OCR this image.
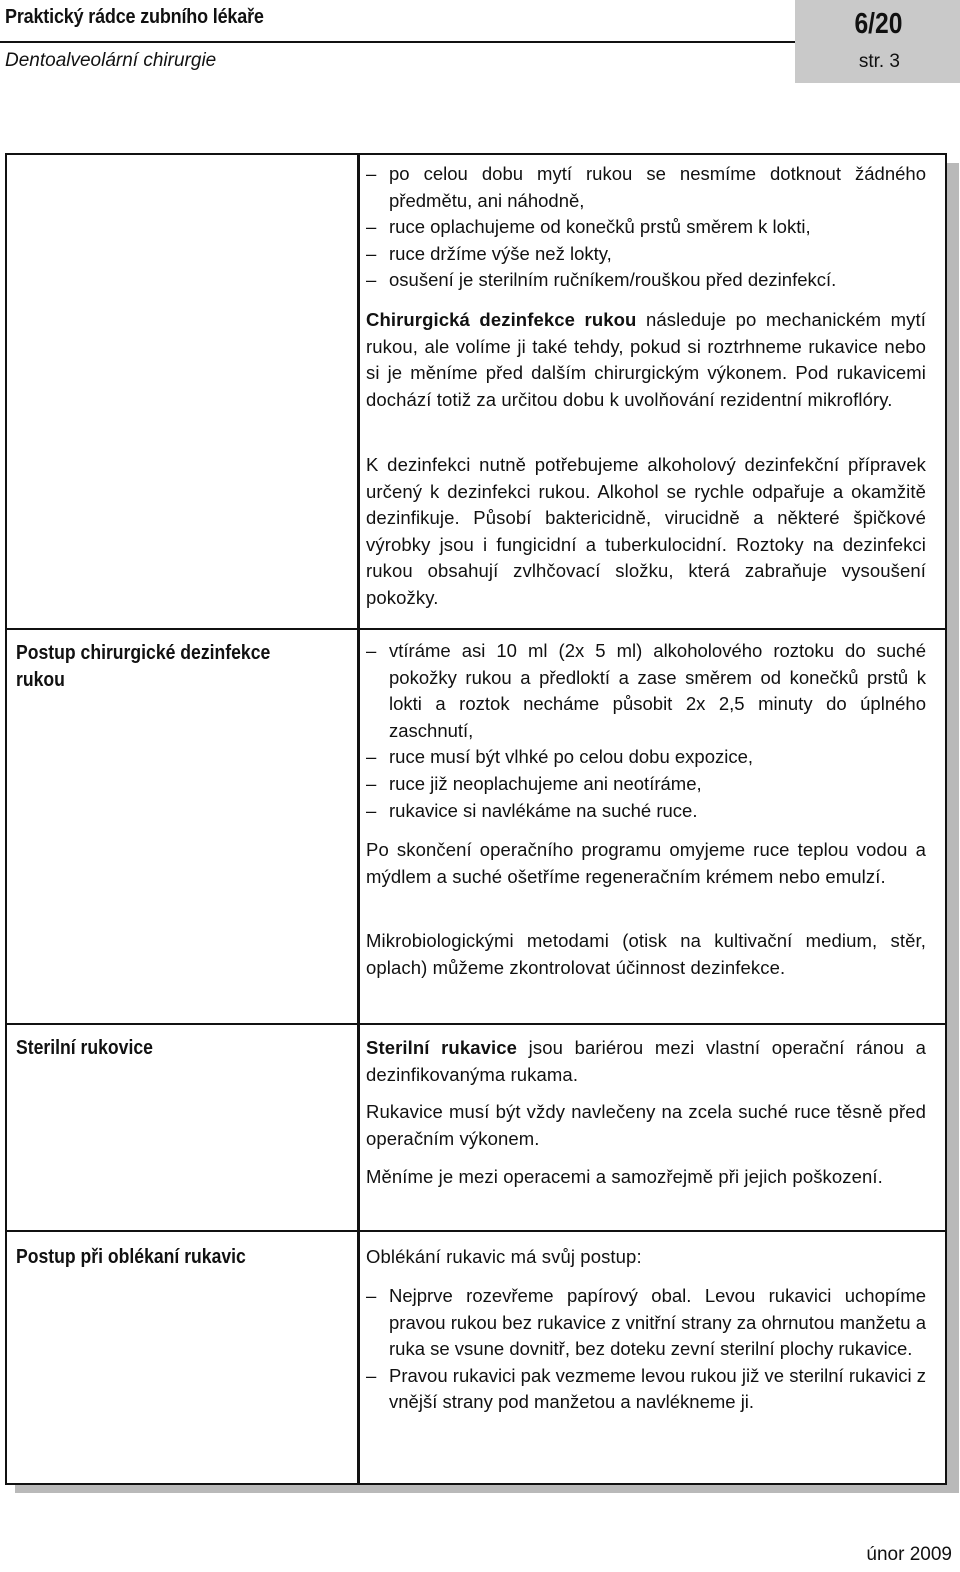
Praktický rádce zubního lékaře
Dentoalveolární chirurgie
6/20
str. 3
– po celou dobu mytí rukou se nesmíme dotknout žádného předmětu, ani náhodně,
– ruce oplachujeme od konečků prstů směrem k lokti,
– ruce držíme výše než lokty,
– osušení je sterilním ručníkem/rouškou před dezinfekcí.
Chirurgická dezinfekce rukou následuje po mechanickém mytí rukou, ale volíme ji také tehdy, pokud si roztrhneme rukavice nebo si je měníme před dalším chirurgickým výkonem. Pod rukavicemi dochází totiž za určitou dobu k uvolňování rezidentní mikroflóry.
K dezinfekci nutně potřebujeme alkoholový dezinfekční přípravek určený k dezinfekci rukou. Alkohol se rychle odpařuje a okamžitě dezinfikuje. Působí baktericidně, virucidně a některé špičkové výrobky jsou i fungicidní a tuberkulocidní. Roztoky na dezinfekci rukou obsahují zvlhčovací složku, která zabraňuje vysoušení pokožky.
Postup chirurgické dezinfekce rukou
– vtíráme asi 10 ml (2x 5 ml) alkoholového roztoku do suché pokožky rukou a předloktí a zase směrem od konečků prstů k lokti a roztok necháme působit 2x 2,5 minuty do úplného zaschnutí,
– ruce musí být vlhké po celou dobu expozice,
– ruce již neoplachujeme ani neotíráme,
– rukavice si navlékáme na suché ruce.
Po skončení operačního programu omyjeme ruce teplou vodou a mýdlem a suché ošetříme regeneračním krémem nebo emulzí.
Mikrobiologickými metodami (otisk na kultivační medium, stěr, oplach) můžeme zkontrolovat účinnost dezinfekce.
Sterilní rukovice	Sterilní rukavice jsou bariérou mezi vlastní operační ránou a dezinfikovanýma rukama.
Rukavice musí být vždy navlečeny na zcela suché ruce těsně před operačním výkonem.
Měníme je mezi operacemi a samozřejmě při jejich poškození.
Postup při oblékaní rukavic	Oblékání rukavic má svůj postup:
– Nejprve rozevřeme papírový obal. Levou rukavici uchopíme pravou rukou bez rukavice z vnitřní strany za ohrnutou manžetu a ruka se vsune dovnitř, bez doteku zevní sterilní plochy rukavice.
– Pravou rukavici pak vezmeme levou rukou již ve sterilní rukavici z vnější strany pod manžetou a navlékneme ji.
únor 2009
